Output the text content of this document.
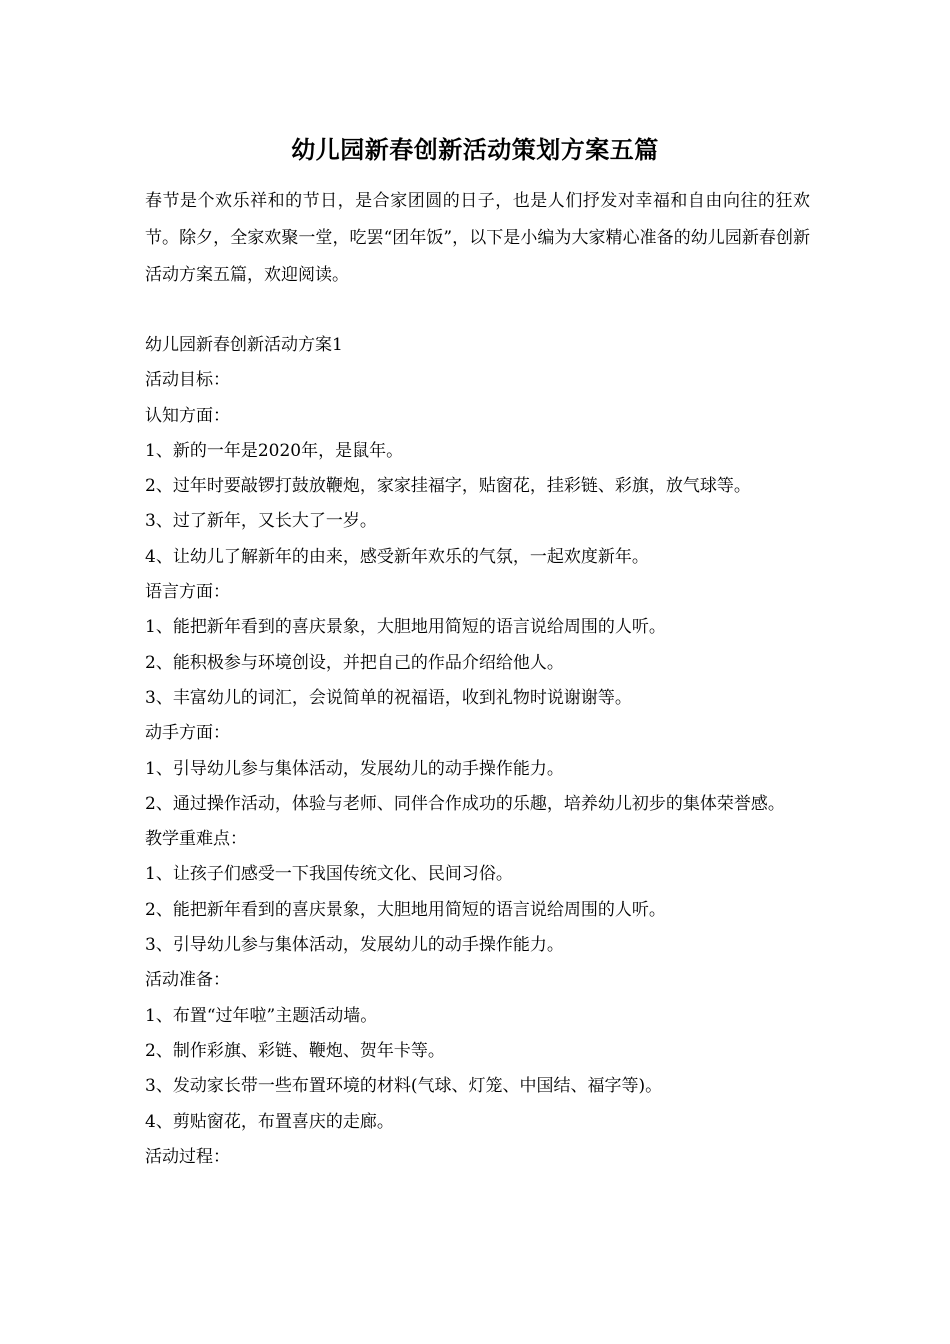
幼儿园新春创新活动策划方案五篇
春节是个欢乐祥和的节日，是合家团圆的日子，也是人们抒发对幸福和自由向往的狂欢节。除夕，全家欢聚一堂，吃罢“团年饭”，以下是小编为大家精心准备的幼儿园新春创新活动方案五篇，欢迎阅读。
幼儿园新春创新活动方案1
活动目标：
认知方面：
1、新的一年是2020年，是鼠年。
2、过年时要敲锣打鼓放鞭炮，家家挂福字，贴窗花，挂彩链、彩旗，放气球等。
3、过了新年，又长大了一岁。
4、让幼儿了解新年的由来，感受新年欢乐的气氛，一起欢度新年。
语言方面：
1、能把新年看到的喜庆景象，大胆地用简短的语言说给周围的人听。
2、能积极参与环境创设，并把自己的作品介绍给他人。
3、丰富幼儿的词汇，会说简单的祝福语，收到礼物时说谢谢等。
动手方面：
1、引导幼儿参与集体活动，发展幼儿的动手操作能力。
2、通过操作活动，体验与老师、同伴合作成功的乐趣，培养幼儿初步的集体荣誉感。
教学重难点：
1、让孩子们感受一下我国传统文化、民间习俗。
2、能把新年看到的喜庆景象，大胆地用简短的语言说给周围的人听。
3、引导幼儿参与集体活动，发展幼儿的动手操作能力。
活动准备：
1、布置“过年啦”主题活动墙。
2、制作彩旗、彩链、鞭炮、贺年卡等。
3、发动家长带一些布置环境的材料(气球、灯笼、中国结、福字等)。
4、剪贴窗花，布置喜庆的走廊。
活动过程：
